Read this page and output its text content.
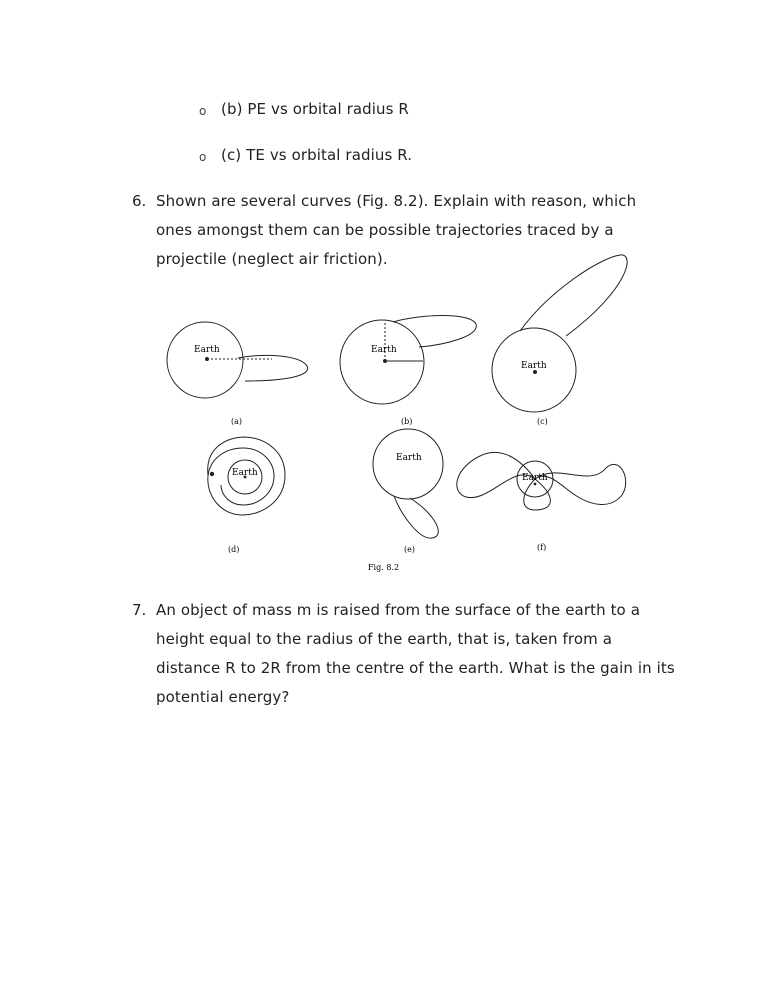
o (b) PE vs orbital radius R
o (c) TE vs orbital radius R.
6. Shown are several curves (Fig. 8.2). Explain with reason, which
ones amongst them can be possible trajectories traced by a
projectile (neglect air friction).
Earth	Earth
Earth
Earth
Earth
Earth
(a)	(b)	(c)
(d)	(e)	(f)
Fig. 8.2
7. An object of mass m is raised from the surface of the earth to a
height equal to the radius of the earth, that is, taken from a
distance R to 2R from the centre of the earth. What is the gain in its
potential energy?
